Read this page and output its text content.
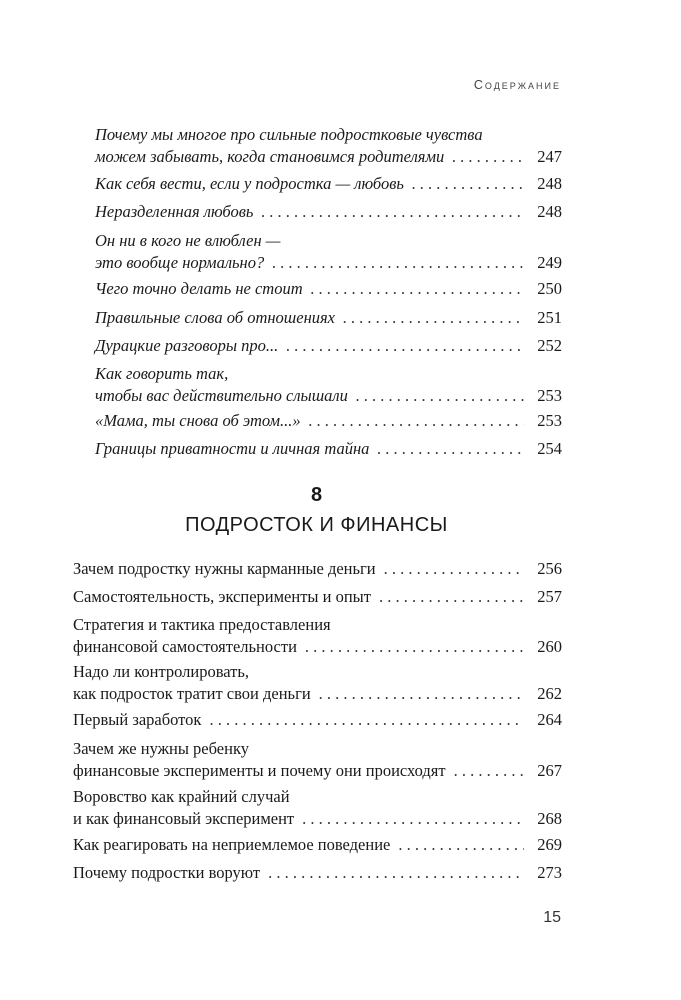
Содержание
Почему мы многое про сильные подростковые чувства
можем забывать, когда становимся родителями . . .	247
Как себя вести, если у подростка — любовь . . .	248
Неразделенная любовь . . .	248
Он ни в кого не влюблен —
это вообще нормально? . . .	249
Чего точно делать не стоит . . .	250
Правильные слова об отношениях . . .	251
Дурацкие разговоры про... . . .	252
Как говорить так,
чтобы вас действительно слышали . . .	253
«Мама, ты снова об этом...» . . .	253
Границы приватности и личная тайна . . .	254
8
ПОДРОСТОК И ФИНАНСЫ
Зачем подростку нужны карманные деньги . . .	256
Самостоятельность, эксперименты и опыт . . .	257
Стратегия и тактика предоставления
финансовой самостоятельности . . .	260
Надо ли контролировать,
как подросток тратит свои деньги . . .	262
Первый заработок . . .	264
Зачем же нужны ребенку
финансовые эксперименты и почему они происходят . . .	267
Воровство как крайний случай
и как финансовый эксперимент . . .	268
Как реагировать на неприемлемое поведение . . .	269
Почему подростки воруют . . .	273
15
